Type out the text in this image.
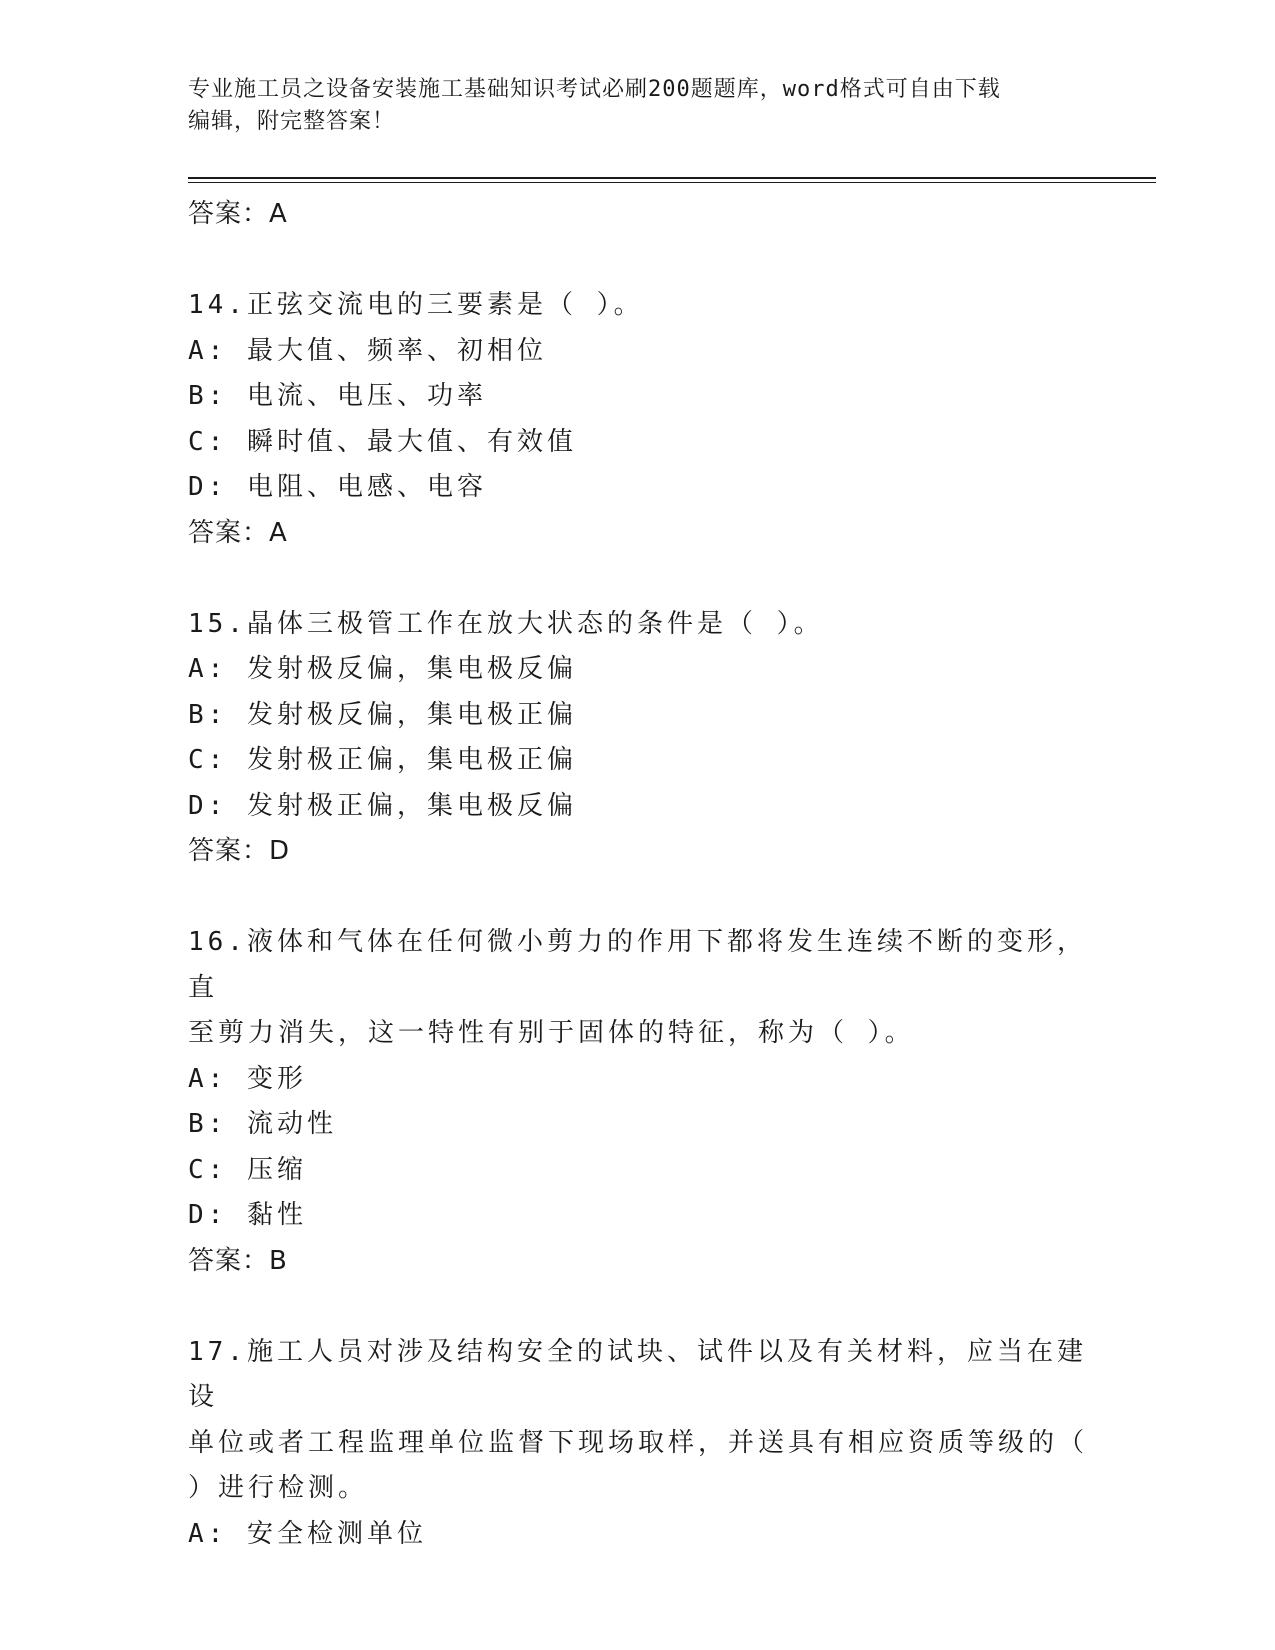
专业施工员之设备安装施工基础知识考试必刷200题题库，word格式可自由下载
编辑，附完整答案！
答案：A
14.正弦交流电的三要素是（ ）。
A: 最大值、频率、初相位
B: 电流、电压、功率
C: 瞬时值、最大值、有效值
D: 电阻、电感、电容
答案：A
15.晶体三极管工作在放大状态的条件是（ ）。
A: 发射极反偏，集电极反偏
B: 发射极反偏，集电极正偏
C: 发射极正偏，集电极正偏
D: 发射极正偏，集电极反偏
答案：D
16.液体和气体在任何微小剪力的作用下都将发生连续不断的变形，直
至剪力消失，这一特性有别于固体的特征，称为（ ）。
A: 变形
B: 流动性
C: 压缩
D: 黏性
答案：B
17.施工人员对涉及结构安全的试块、试件以及有关材料，应当在建设
单位或者工程监理单位监督下现场取样，并送具有相应资质等级的（
）进行检测。
A: 安全检测单位
